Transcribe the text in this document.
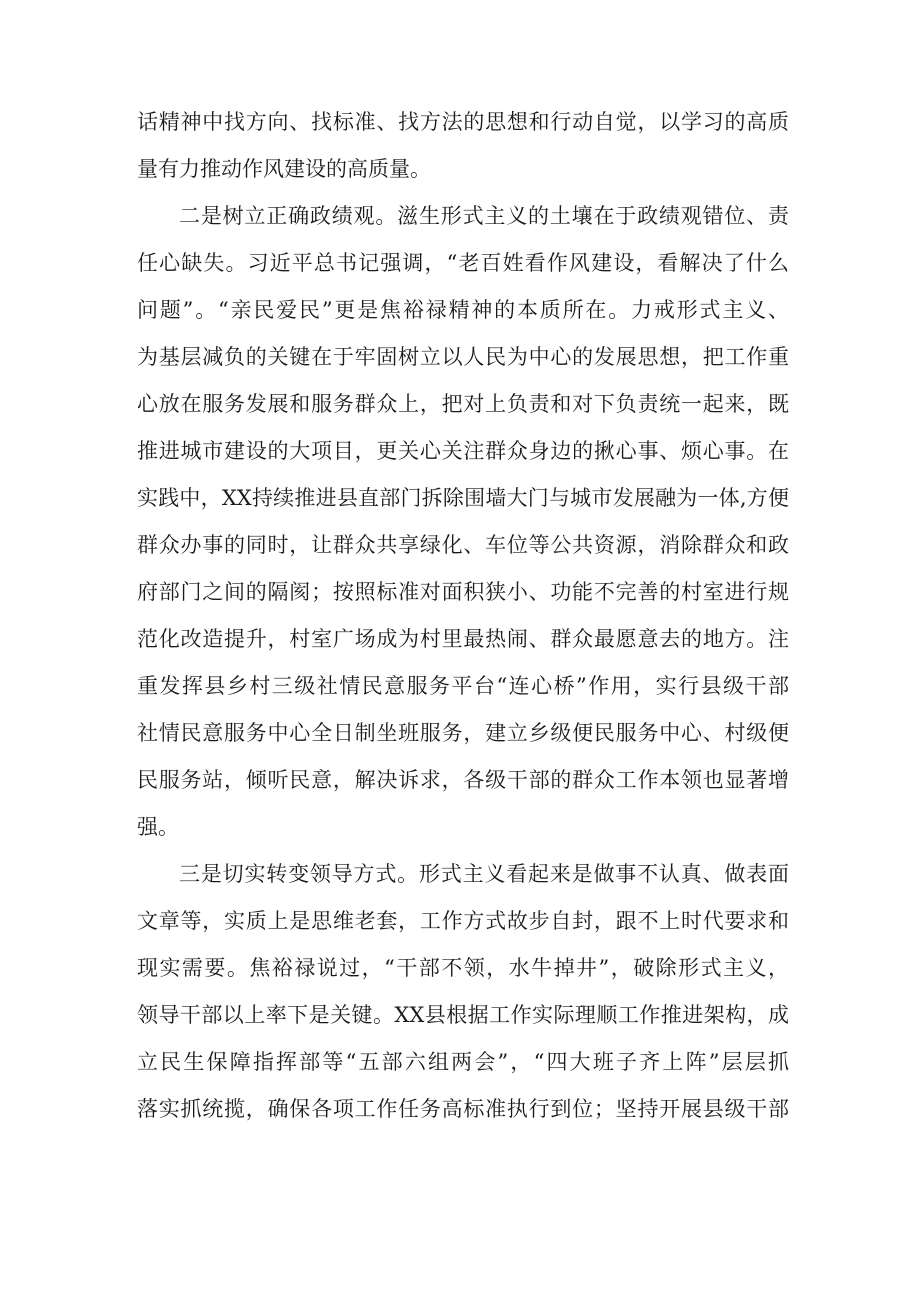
话精神中找方向、找标准、找方法的思想和行动自觉，以学习的高质
量有力推动作风建设的高质量。
二是树立正确政绩观。滋生形式主义的土壤在于政绩观错位、责
任心缺失。习近平总书记强调，“老百姓看作风建设，看解决了什么
问题”。“亲民爱民”更是焦裕禄精神的本质所在。力戒形式主义、
为基层减负的关键在于牢固树立以人民为中心的发展思想，把工作重
心放在服务发展和服务群众上，把对上负责和对下负责统一起来，既
推进城市建设的大项目，更关心关注群众身边的揪心事、烦心事。在
实践中，XX持续推进县直部门拆除围墙大门与城市发展融为一体,方便
群众办事的同时，让群众共享绿化、车位等公共资源，消除群众和政
府部门之间的隔阂；按照标准对面积狭小、功能不完善的村室进行规
范化改造提升，村室广场成为村里最热闹、群众最愿意去的地方。注
重发挥县乡村三级社情民意服务平台“连心桥”作用，实行县级干部
社情民意服务中心全日制坐班服务，建立乡级便民服务中心、村级便
民服务站，倾听民意，解决诉求，各级干部的群众工作本领也显著增
强。
三是切实转变领导方式。形式主义看起来是做事不认真、做表面
文章等，实质上是思维老套，工作方式故步自封，跟不上时代要求和
现实需要。焦裕禄说过，“干部不领，水牛掉井”，破除形式主义，
领导干部以上率下是关键。XX县根据工作实际理顺工作推进架构，成
立民生保障指挥部等“五部六组两会”，“四大班子齐上阵”层层抓
落实抓统揽，确保各项工作任务高标准执行到位；坚持开展县级干部
